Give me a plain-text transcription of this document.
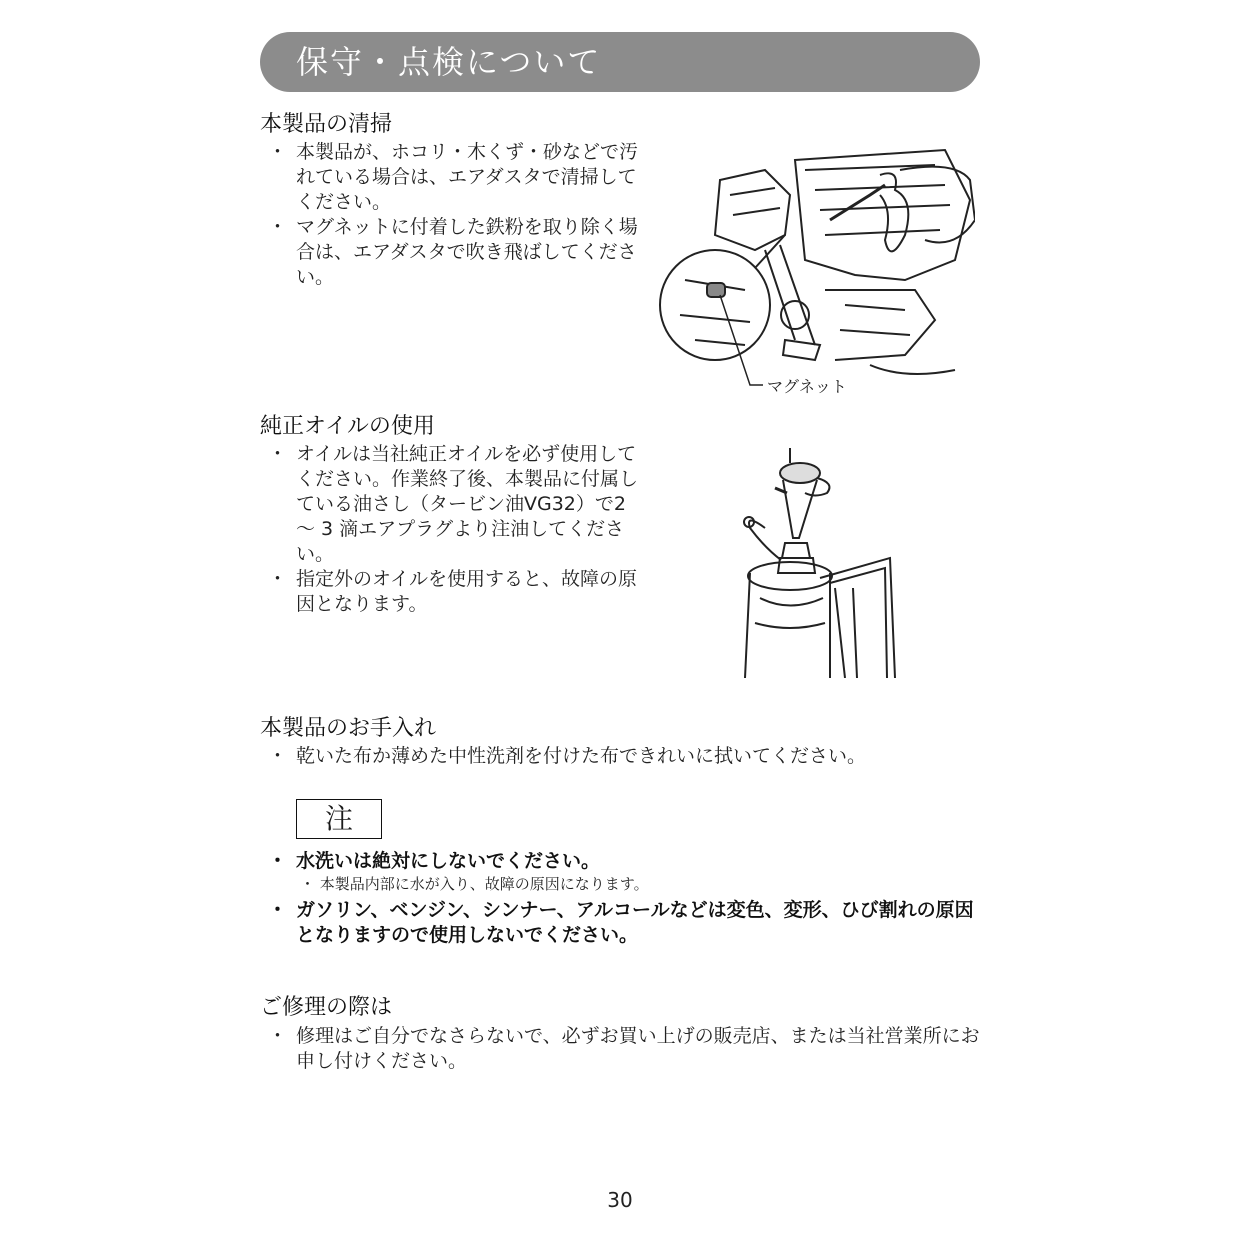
保守・点検について
本製品の清掃
・ 本製品が、ホコリ・木くず・砂などで汚れている場合は、エアダスタで清掃してください。
・ マグネットに付着した鉄粉を取り除く場合は、エアダスタで吹き飛ばしてください。
マグネット
純正オイルの使用
・ オイルは当社純正オイルを必ず使用してください。作業終了後、本製品に付属している油さし（タービン油VG32）で2 ～ 3 滴エアプラグより注油してください。
・ 指定外のオイルを使用すると、故障の原因となります。
本製品のお手入れ
・ 乾いた布か薄めた中性洗剤を付けた布できれいに拭いてください。
注
・ 水洗いは絶対にしないでください。
・ 本製品内部に水が入り、故障の原因になります。
・ ガソリン、ベンジン、シンナー、アルコールなどは変色、変形、ひび割れの原因となりますので使用しないでください。
ご修理の際は
・ 修理はご自分でなさらないで、必ずお買い上げの販売店、または当社営業所にお申し付けください。
30
